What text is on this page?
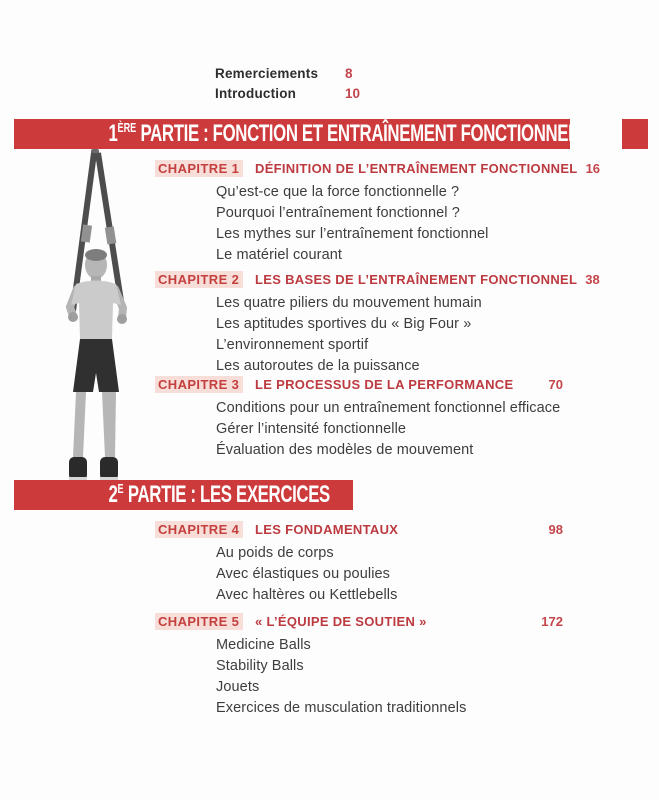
Remerciements	8
Introduction	10
1ÈRE PARTIE : FONCTION ET ENTRAÎNEMENT FONCTIONNEL
CHAPITRE 1	DÉFINITION DE L’ENTRAÎNEMENT FONCTIONNEL 16
Qu’est-ce que la force fonctionnelle ?
Pourquoi l’entraînement fonctionnel ?
Les mythes sur l’entraînement fonctionnel
Le matériel courant
CHAPITRE 2	LES BASES DE L’ENTRAÎNEMENT FONCTIONNEL 38
Les quatre piliers du mouvement humain
Les aptitudes sportives du « Big Four »
L’environnement sportif
Les autoroutes de la puissance
CHAPITRE 3	LE PROCESSUS DE LA PERFORMANCE	70
Conditions pour un entraînement fonctionnel efficace
Gérer l’intensité fonctionnelle
Évaluation des modèles de mouvement
$2^E$ PARTIE : LES EXERCICES
CHAPITRE 4	LES FONDAMENTAUX	98
Au poids de corps
Avec élastiques ou poulies
Avec haltères ou Kettlebells
CHAPITRE 5	« L’ÉQUIPE DE SOUTIEN »	172
Medicine Balls
Stability Balls
Jouets
Exercices de musculation traditionnels
